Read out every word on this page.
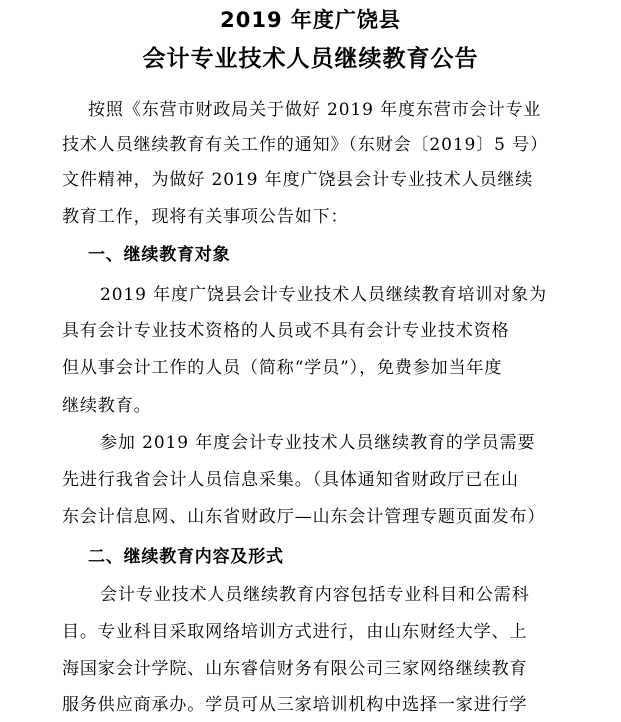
2019 年度广饶县
会计专业技术人员继续教育公告
按照《东营市财政局关于做好 2019 年度东营市会计专业
技术人员继续教育有关工作的通知》（东财会〔2019〕5 号）
文件精神，为做好 2019 年度广饶县会计专业技术人员继续
教育工作，现将有关事项公告如下：
一、继续教育对象
2019 年度广饶县会计专业技术人员继续教育培训对象为
具有会计专业技术资格的人员或不具有会计专业技术资格
但从事会计工作的人员（简称“学员”），免费参加当年度
继续教育。
参加 2019 年度会计专业技术人员继续教育的学员需要
先进行我省会计人员信息采集。（具体通知省财政厅已在山
东会计信息网、山东省财政厅—山东会计管理专题页面发布）
二、继续教育内容及形式
会计专业技术人员继续教育内容包括专业科目和公需科
目。专业科目采取网络培训方式进行，由山东财经大学、上
海国家会计学院、山东睿信财务有限公司三家网络继续教育
服务供应商承办。学员可从三家培训机构中选择一家进行学
